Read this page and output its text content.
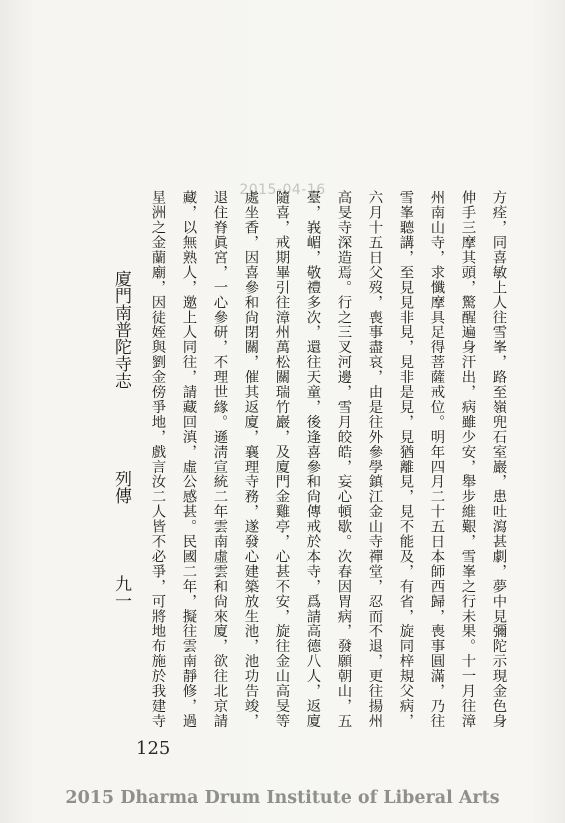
2015-04-16	方痊，同喜敏上人往雪峯，路至嶺兜石室巖，患吐瀉甚劇，夢中見彌陀示現金色身
伸手三摩其頭，驚醒遍身汗出，病雖少安，舉步維艱，雪峯之行未果。十一月往漳
州南山寺，求懺摩具足得菩薩戒位。明年四月二十五日本師西歸，喪事圓滿，乃往
雪峯聽講，至見見非見，見非是見，見猶離見，見不能及，有省，旋同梓規父病，
六月十五日父歿，喪事盡哀，由是往外參學鎮江金山寺禪堂，忍而不退，更往揚州
高旻寺深造焉。行之三叉河邊，雪月皎皓，妄心頓歇。次春因胃病，發願朝山，五
臺，峩嵋，敬禮多次，還往天童，後逢喜參和尙傳戒於本寺，爲請高德八人，返廈
隨喜，戒期畢引往漳州萬松關瑞竹巖，及廈門金雞亭，心甚不安，旋往金山高旻等
處坐香，因喜參和尙閉關，催其返廈，襄理寺務，遂發心建築放生池，池功告竣，
退住脊眞宮，一心參研，不理世緣。遜淸宣統二年雲南虛雲和尙來廈，欲往北京請
藏，以無熟人，邀上人同往，請藏回滇，虛公感甚。民國二年，擬往雲南靜修，過
星洲之金蘭廟，因徒姪與劉金傍爭地，戲言汝二人皆不必爭，可將地布施於我建寺
廈門南普陀寺志
列傳
九一
125
2015 Dharma Drum Institute of Liberal Arts
